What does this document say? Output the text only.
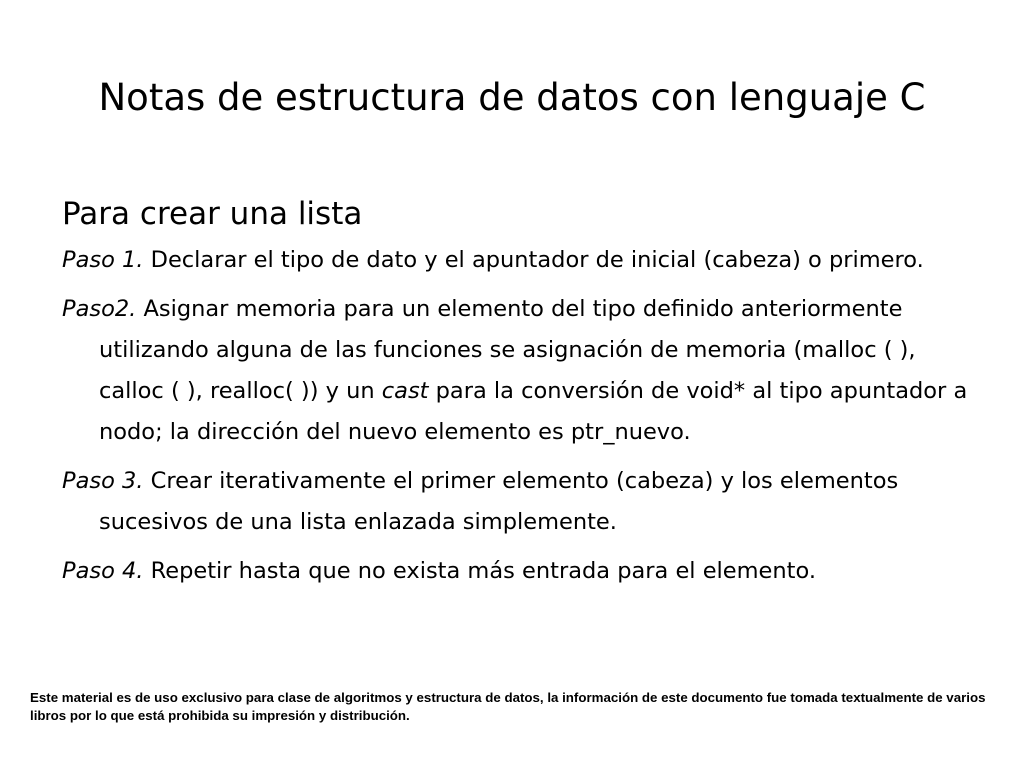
Notas de estructura de datos con lenguaje C

Para crear una lista

Paso 1. Declarar el tipo de dato y el apuntador de inicial (cabeza) o primero.

Paso2. Asignar memoria para un elemento del tipo definido anteriormente utilizando alguna de las funciones se asignación de memoria (malloc ( ), calloc ( ), realloc( )) y un cast para la conversión de void* al tipo apuntador a nodo; la dirección del nuevo elemento es ptr_nuevo.

Paso 3. Crear iterativamente el primer elemento (cabeza) y los elementos sucesivos de una lista enlazada simplemente.

Paso 4. Repetir hasta que no exista más entrada para el elemento.

Este material es de uso exclusivo para clase de algoritmos y estructura de datos, la información de este documento fue tomada textualmente de varios libros por lo que está prohibida su impresión y distribución.
